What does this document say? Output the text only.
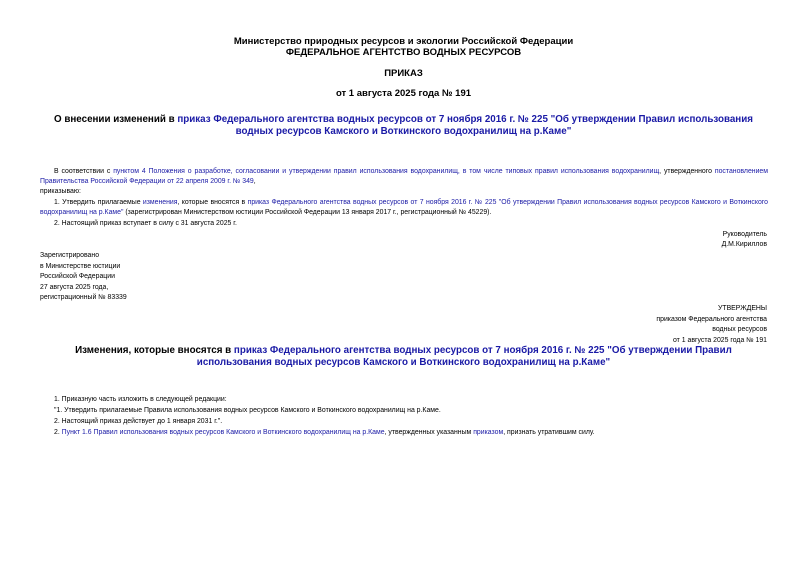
Министерство природных ресурсов и экологии Российской Федерации
ФЕДЕРАЛЬНОЕ АГЕНТСТВО ВОДНЫХ РЕСУРСОВ
ПРИКАЗ
от 1 августа 2025 года № 191
О внесении изменений в приказ Федерального агентства водных ресурсов от 7 ноября 2016 г. № 225 "Об утверждении Правил использования водных ресурсов Камского и Воткинского водохранилищ на р.Каме"
В соответствии с пунктом 4 Положения о разработке, согласовании и утверждении правил использования водохранилищ, в том числе типовых правил использования водохранилищ, утвержденного постановлением Правительства Российской Федерации от 22 апреля 2009 г. № 349,
приказываю:
1. Утвердить прилагаемые изменения, которые вносятся в приказ Федерального агентства водных ресурсов от 7 ноября 2016 г. № 225 "Об утверждении Правил использования водных ресурсов Камского и Воткинского водохранилищ на р.Каме" (зарегистрирован Министерством юстиции Российской Федерации 13 января 2017 г., регистрационный № 45229).
2. Настоящий приказ вступает в силу с 31 августа 2025 г.
Руководитель
Д.М.Кириллов
Зарегистрировано
в Министерстве юстиции
Российской Федерации
27 августа 2025 года,
регистрационный № 83339
УТВЕРЖДЕНЫ
приказом Федерального агентства
водных ресурсов
от 1 августа 2025 года № 191
Изменения, которые вносятся в приказ Федерального агентства водных ресурсов от 7 ноября 2016 г. № 225 "Об утверждении Правил использования водных ресурсов Камского и Воткинского водохранилищ на р.Каме"
1. Приказную часть изложить в следующей редакции:
"1. Утвердить прилагаемые Правила использования водных ресурсов Камского и Воткинского водохранилищ на р.Каме.
2. Настоящий приказ действует до 1 января 2031 г.".
2. Пункт 1.6 Правил использования водных ресурсов Камского и Воткинского водохранилищ на р.Каме, утвержденных указанным приказом, признать утратившим силу.
